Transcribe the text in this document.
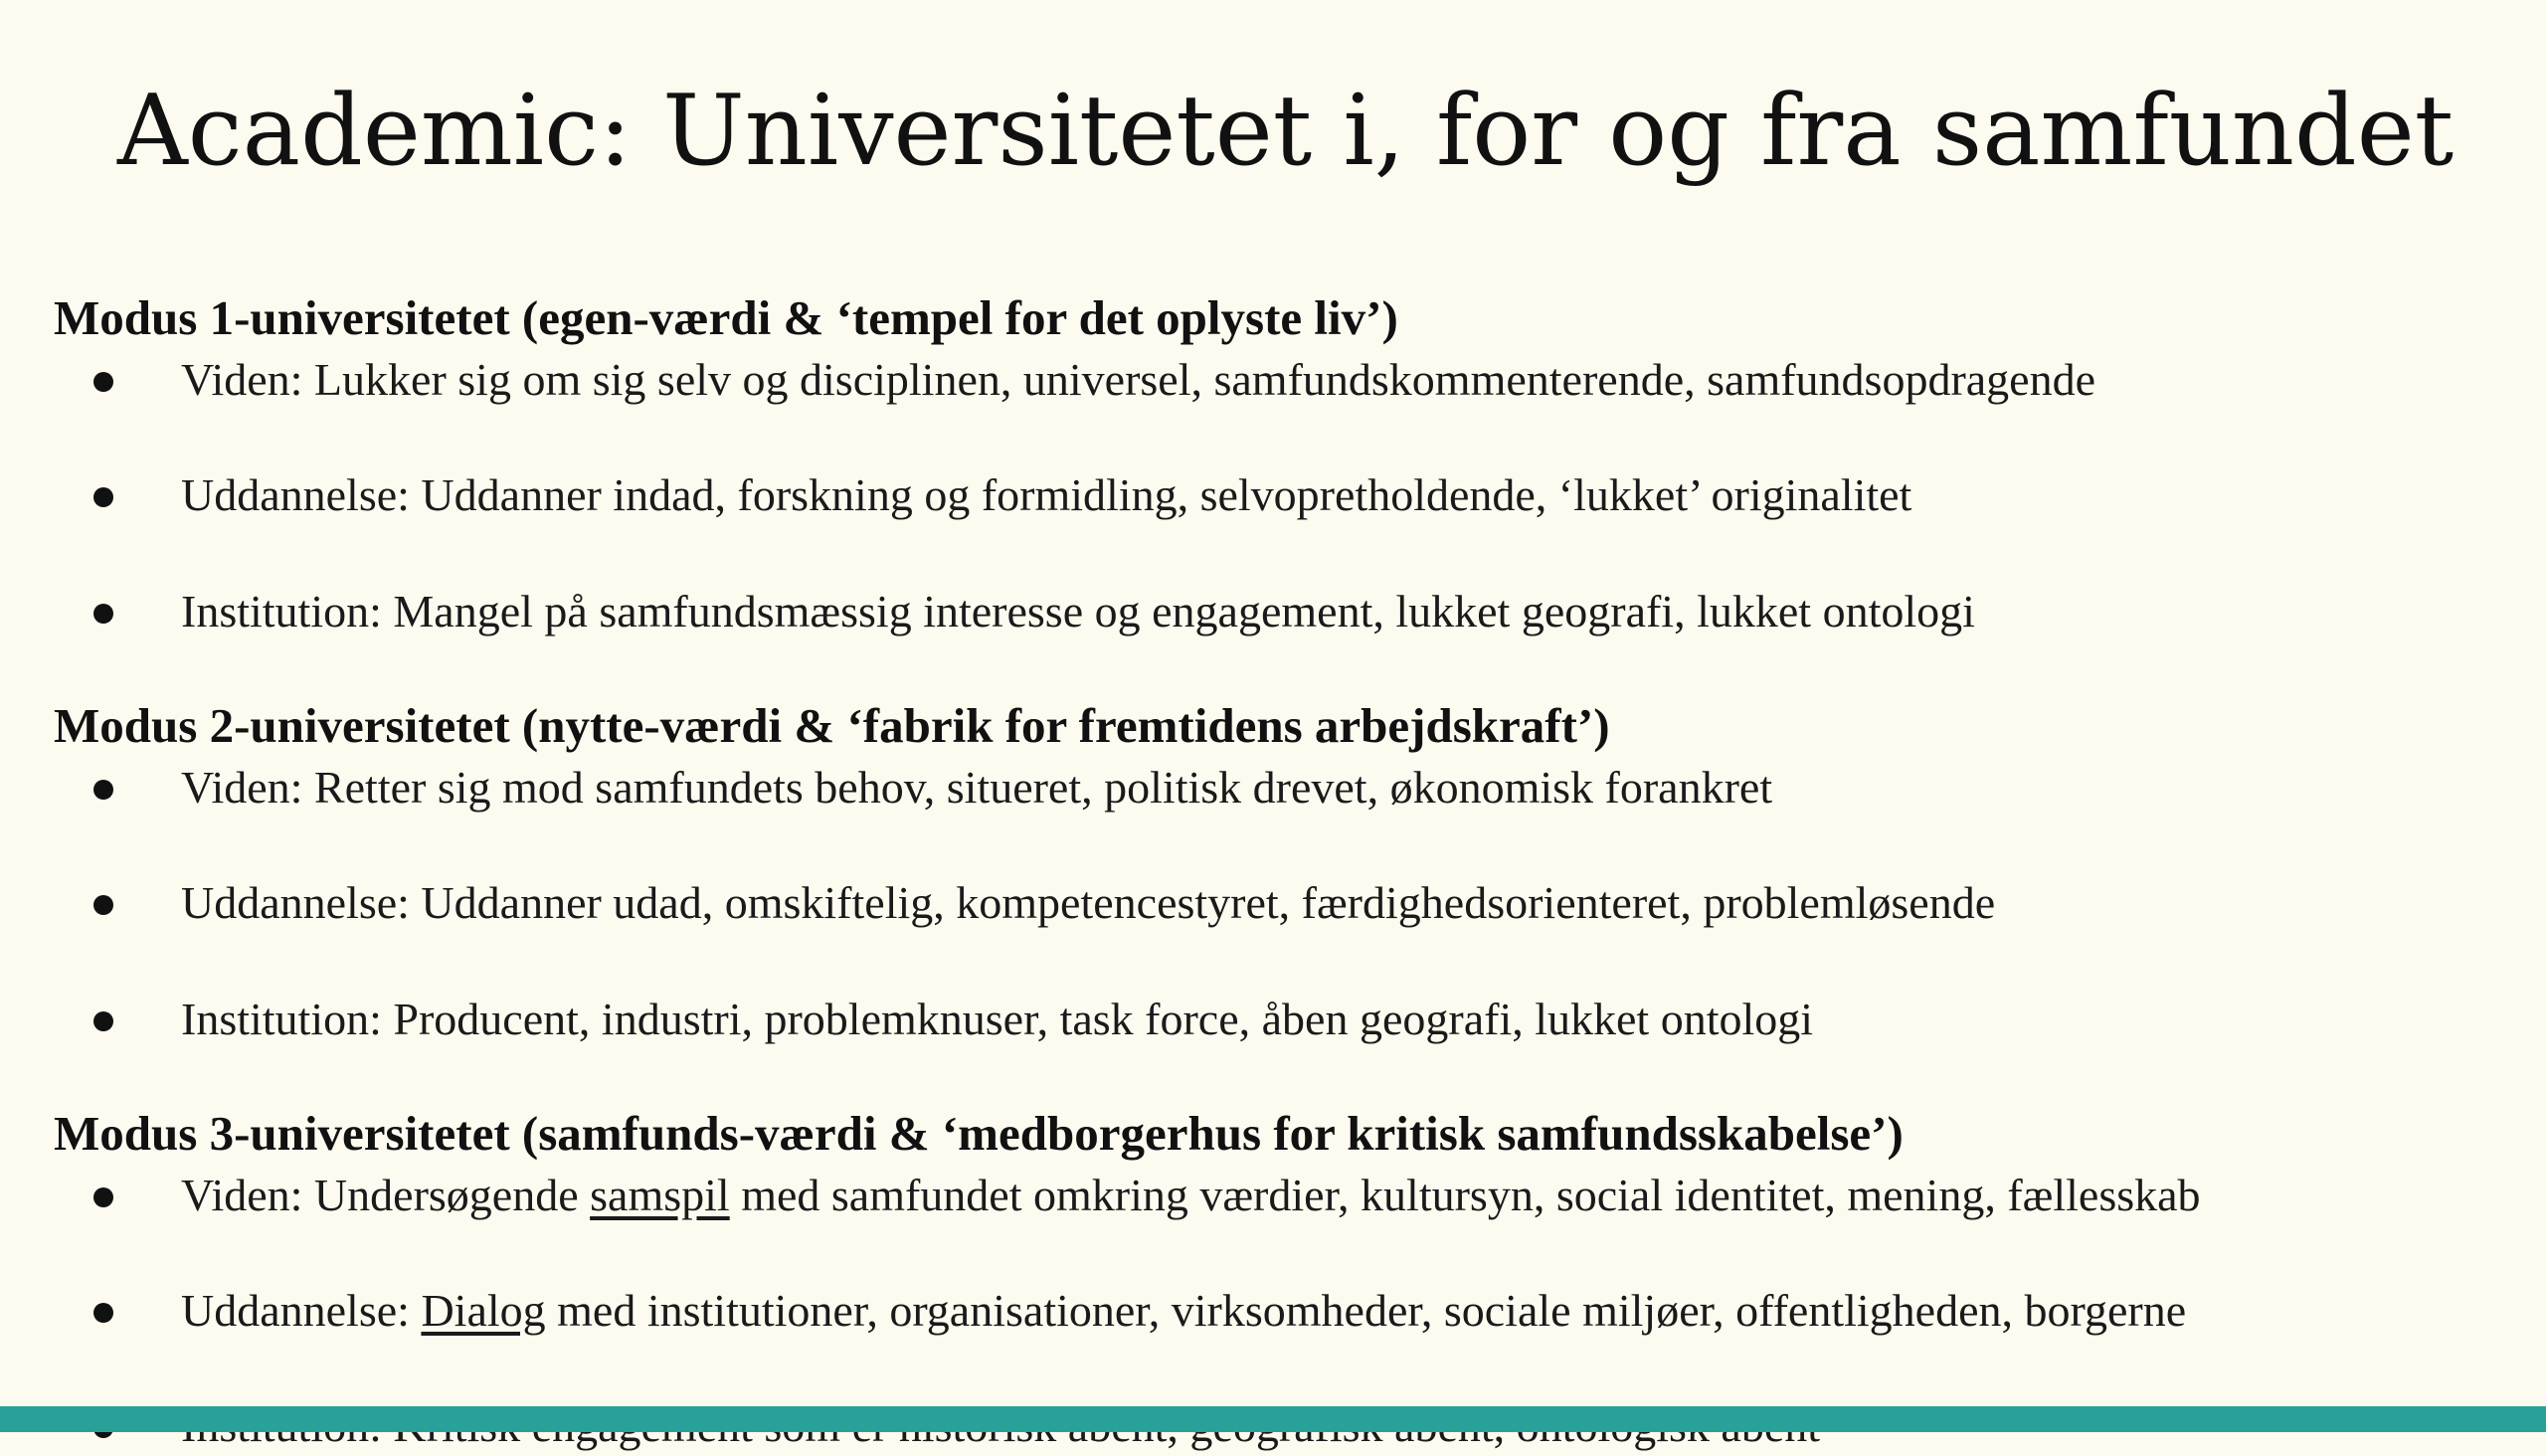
Academic: Universitetet i, for og fra samfundet
Modus 1-universitetet (egen-værdi & ‘tempel for det oplyste liv’)
Viden: Lukker sig om sig selv og disciplinen, universel, samfundskommenterende, samfundsopdragende
Uddannelse: Uddanner indad, forskning og formidling, selvopretholdende, ‘lukket’ originalitet
Institution: Mangel på samfundsmæssig interesse og engagement, lukket geografi, lukket ontologi
Modus 2-universitetet (nytte-værdi & ‘fabrik for fremtidens arbejdskraft’)
Viden: Retter sig mod samfundets behov, situeret, politisk drevet, økonomisk forankret
Uddannelse: Uddanner udad, omskiftelig, kompetencestyret, færdighedsorienteret, problemløsende
Institution: Producent, industri, problemknuser, task force, åben geografi, lukket ontologi
Modus 3-universitetet (samfunds-værdi & ‘medborgerhus for kritisk samfundsskabelse’)
Viden: Undersøgende samspil med samfundet omkring værdier, kultursyn, social identitet, mening, fællesskab
Uddannelse: Dialog med institutioner, organisationer, virksomheder, sociale miljøer, offentligheden, borgerne
